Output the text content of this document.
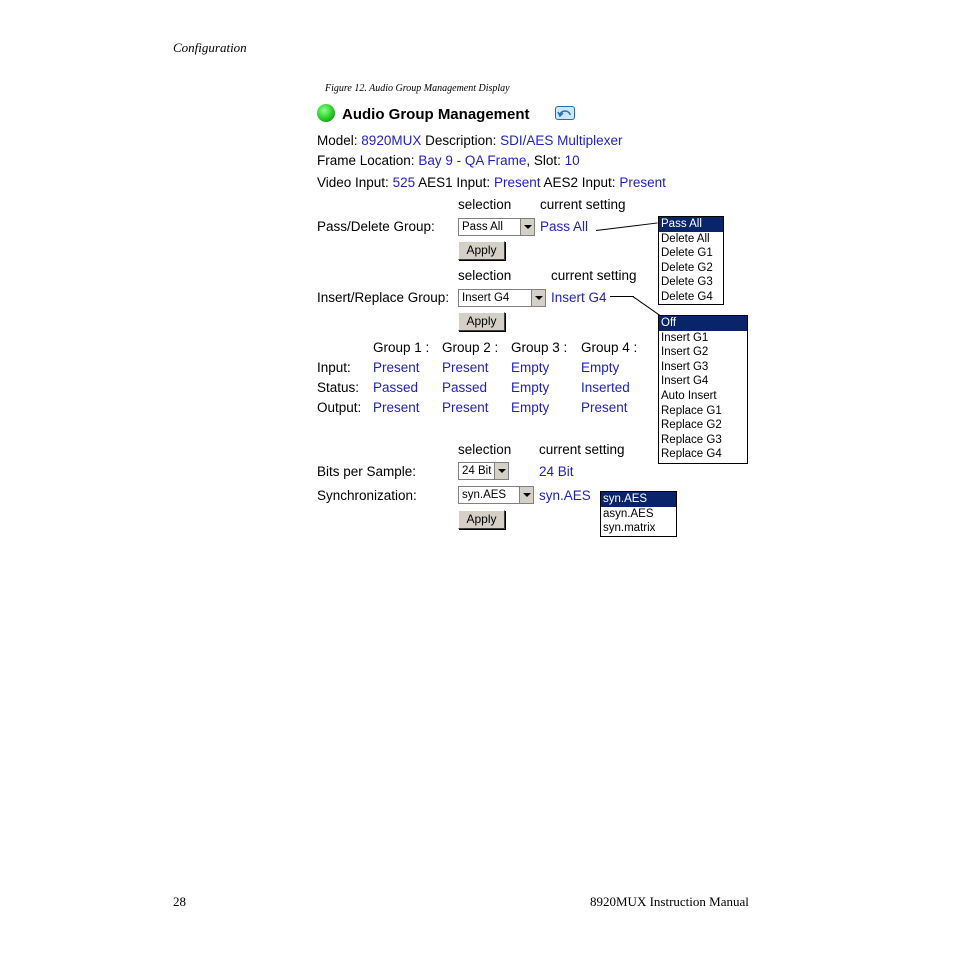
Configuration
Figure 12. Audio Group Management Display
28	8920MUX Instruction Manual
Audio Group Management
Model: 8920MUX Description: SDI/AES Multiplexer
Frame Location: Bay 9 - QA Frame, Slot: 10
Video Input: 525 AES1 Input: Present AES2 Input: Present
selection current setting
Pass/Delete Group:	Pass All	Pass All
Apply
Pass All
Delete All
Delete G1
Delete G2
Delete G3
Delete G4
selection	current setting
Insert/Replace Group:	Insert G4	Insert G4
Apply	Off
Insert G1
Insert G2
Insert G3
Insert G4
Auto Insert
Replace G1
Replace G2
Replace G3
Replace G4
Group 1 : Group 2 : Group 3 : Group 4 :
Input: Present Present Empty Empty
Status: Passed Passed Empty Inserted
Output: Present Present Empty Present
selection current setting
Bits per Sample:	24 Bit	24 Bit
Synchronization:	syn.AES	syn.AES
Apply
syn.AES
asyn.AES
syn.matrix
